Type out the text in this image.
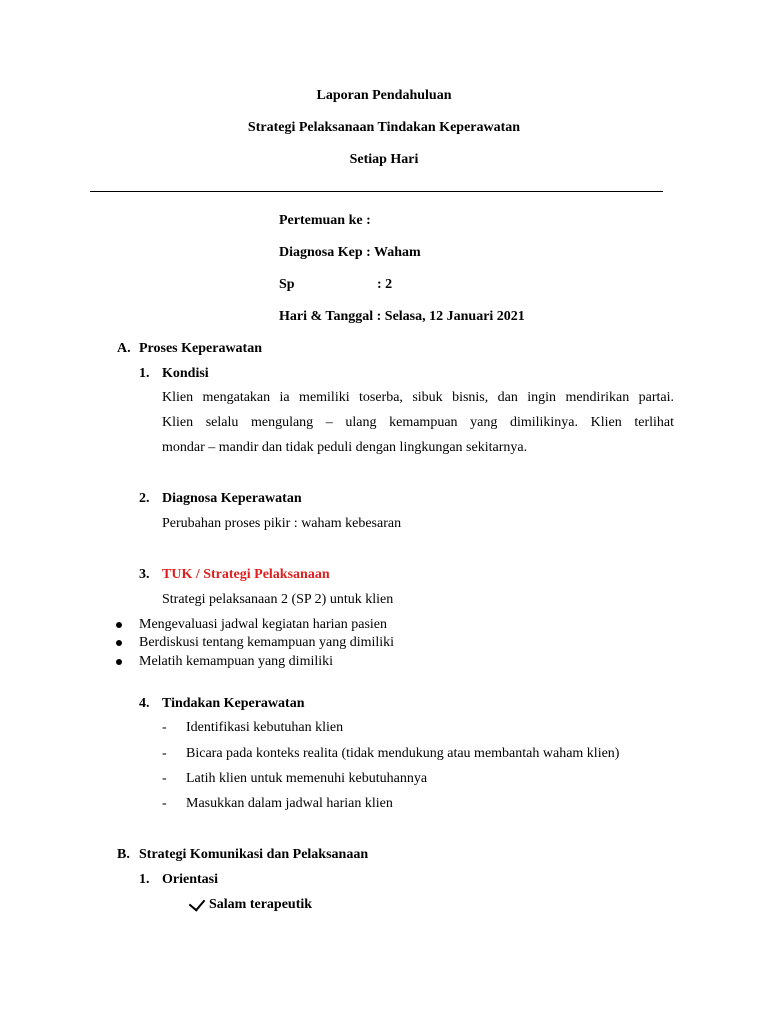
Laporan Pendahuluan
Strategi Pelaksanaan Tindakan Keperawatan
Setiap Hari
Pertemuan ke :
Diagnosa Kep : Waham
Sp	: 2
Hari & Tanggal : Selasa, 12 Januari 2021
A. Proses Keperawatan
1. Kondisi
Klien mengatakan ia memiliki toserba, sibuk bisnis, dan ingin mendirikan partai.
Klien selalu mengulang – ulang kemampuan yang dimilikinya. Klien terlihat
mondar – mandir dan tidak peduli dengan lingkungan sekitarnya.
2. Diagnosa Keperawatan
Perubahan proses pikir : waham kebesaran
3. TUK / Strategi Pelaksanaan
Strategi pelaksanaan 2 (SP 2) untuk klien
Mengevaluasi jadwal kegiatan harian pasien
Berdiskusi tentang kemampuan yang dimiliki
Melatih kemampuan yang dimiliki
4. Tindakan Keperawatan
- Identifikasi kebutuhan klien
- Bicara pada konteks realita (tidak mendukung atau membantah waham klien)
- Latih klien untuk memenuhi kebutuhannya
- Masukkan dalam jadwal harian klien
B. Strategi Komunikasi dan Pelaksanaan
1. Orientasi
Salam terapeutik
